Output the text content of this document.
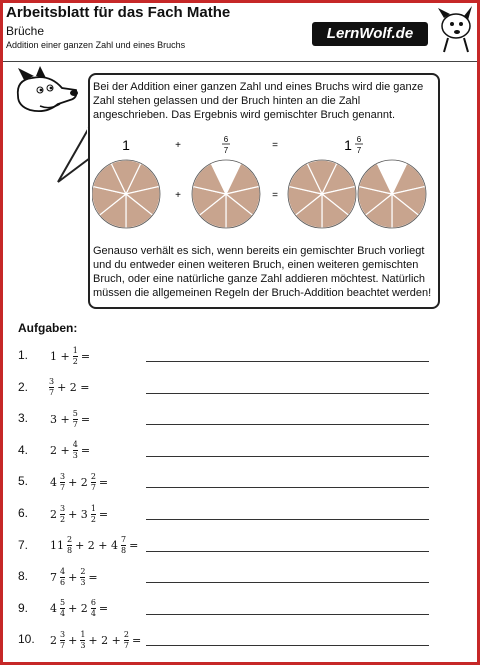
Arbeitsblatt für das Fach Mathe
Brüche
Addition einer ganzen Zahl und eines Bruchs
LernWolf.de
Bei der Addition einer ganzen Zahl und eines Bruchs wird die ganze Zahl stehen gelassen und der Bruch hinten an die Zahl angeschrieben. Das Ergebnis wird gemischter Bruch genannt.
1	+
6
7	=	1 6
7
+	=
Genauso verhält es sich, wenn bereits ein gemischter Bruch vorliegt und du entweder einen weiteren Bruch, einen weiteren gemischten Bruch, oder eine natürliche ganze Zahl addieren möchtest. Natürlich müssen die allgemeinen Regeln der Bruch-Addition beachtet werden!
Aufgaben:
1. $1 + \frac{1}{2}$ =
2.	$\frac{3}{7} + 2$ =
3. $3 + \frac{5}{7}$ =
4. $2 + \frac{4}{3}$ =
5. $4 \frac{3}{7} + 2 \frac{2}{7}$ =
6. $2 \frac{3}{2} + 3 \frac{1}{2}$ =
7. $11 \frac{2}{8} + 2 + 4 \frac{7}{8}$ =
8. $7 \frac{4}{6} + \frac{2}{3}$ =
9. $4 \frac{5}{4} + 2 \frac{6}{4}$ =
10. $2 \frac{3}{7} + \frac{1}{3} + 2 + \frac{2}{7}$ =
